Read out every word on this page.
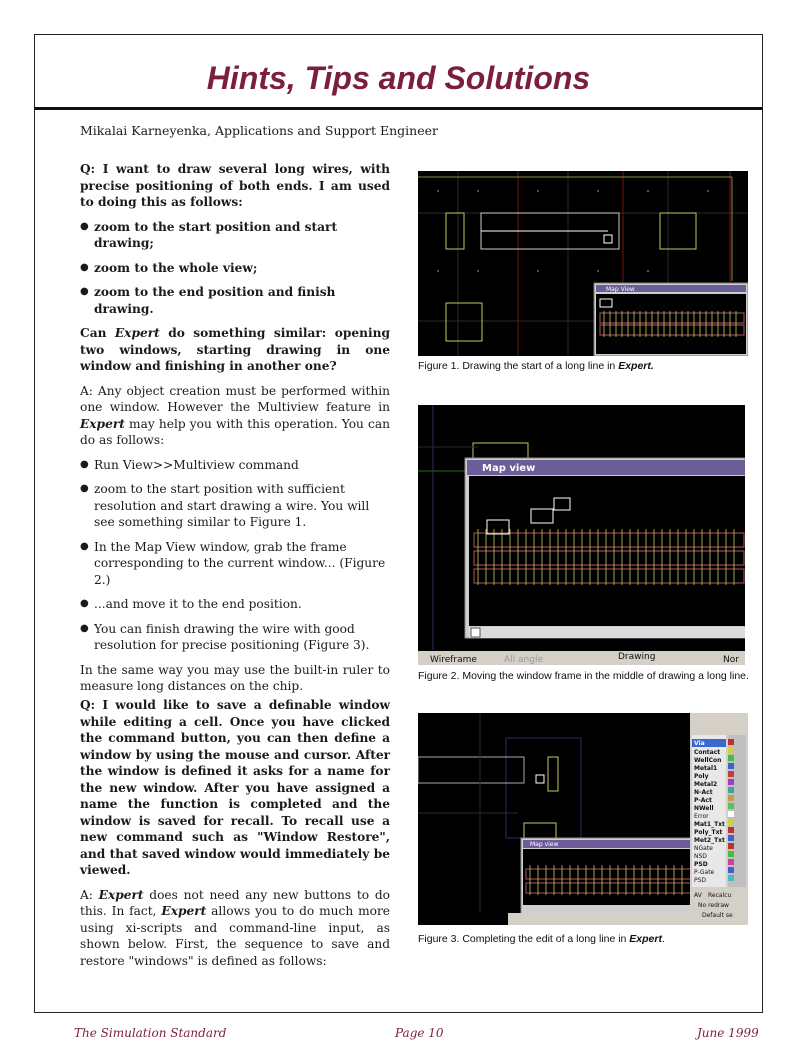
Hints, Tips and Solutions
Mikalai Karneyenka, Applications and Support Engineer

Q: I want to draw several long wires, with precise positioning of both ends. I am used to doing this as follows:

● zoom to the start position and start drawing;
● zoom to the whole view;
● zoom to the end position and finish drawing.

Can Expert do something similar: opening two windows, starting drawing in one window and finishing in another one?

A: Any object creation must be performed within one window. However the Multiview feature in Expert may help you with this operation. You can do as follows:

● Run View>>Multiview command
● zoom to the start position with sufficient resolution and start drawing a wire. You will see something similar to Figure 1.
● In the Map View window, grab the frame corresponding to the current window... (Figure 2.)
● ...and move it to the end position.
● You can finish drawing the wire with good resolution for precise positioning (Figure 3).

In the same way you may use the built-in ruler to measure long distances on the chip.

Q: I would like to save a definable window while editing a cell. Once you have clicked the command button, you can then define a window by using the mouse and cursor. After the window is defined it asks for a name for the new window. After you have assigned a name the function is completed and the window is saved for recall. To recall use a new command such as "Window Restore", and that saved window would immediately be viewed.

A: Expert does not need any new buttons to do this. In fact, Expert allows you to do much more using xi-scripts and command-line input, as shown below. First, the sequence to save and restore "windows" is defined as follows:

Map View
Figure 1. Drawing the start of a long line in Expert.
Map view
Wireframe	All angle	Drawing	Nor
Figure 2. Moving the window frame in the middle of drawing a long line.
Map view
Via
Contact
WellCon
Metal1
Poly
Metal2
N-Act
P-Act
NWell
Error
Mat1_Txt
Poly_Txt
Met2_Txt
NGate
NSD
PSD
P-Gate
PSD
AV Recalcu
No redraw
Default se
Figure 3. Completing the edit of a long line in Expert.
The Simulation Standard	Page 10	June 1999
